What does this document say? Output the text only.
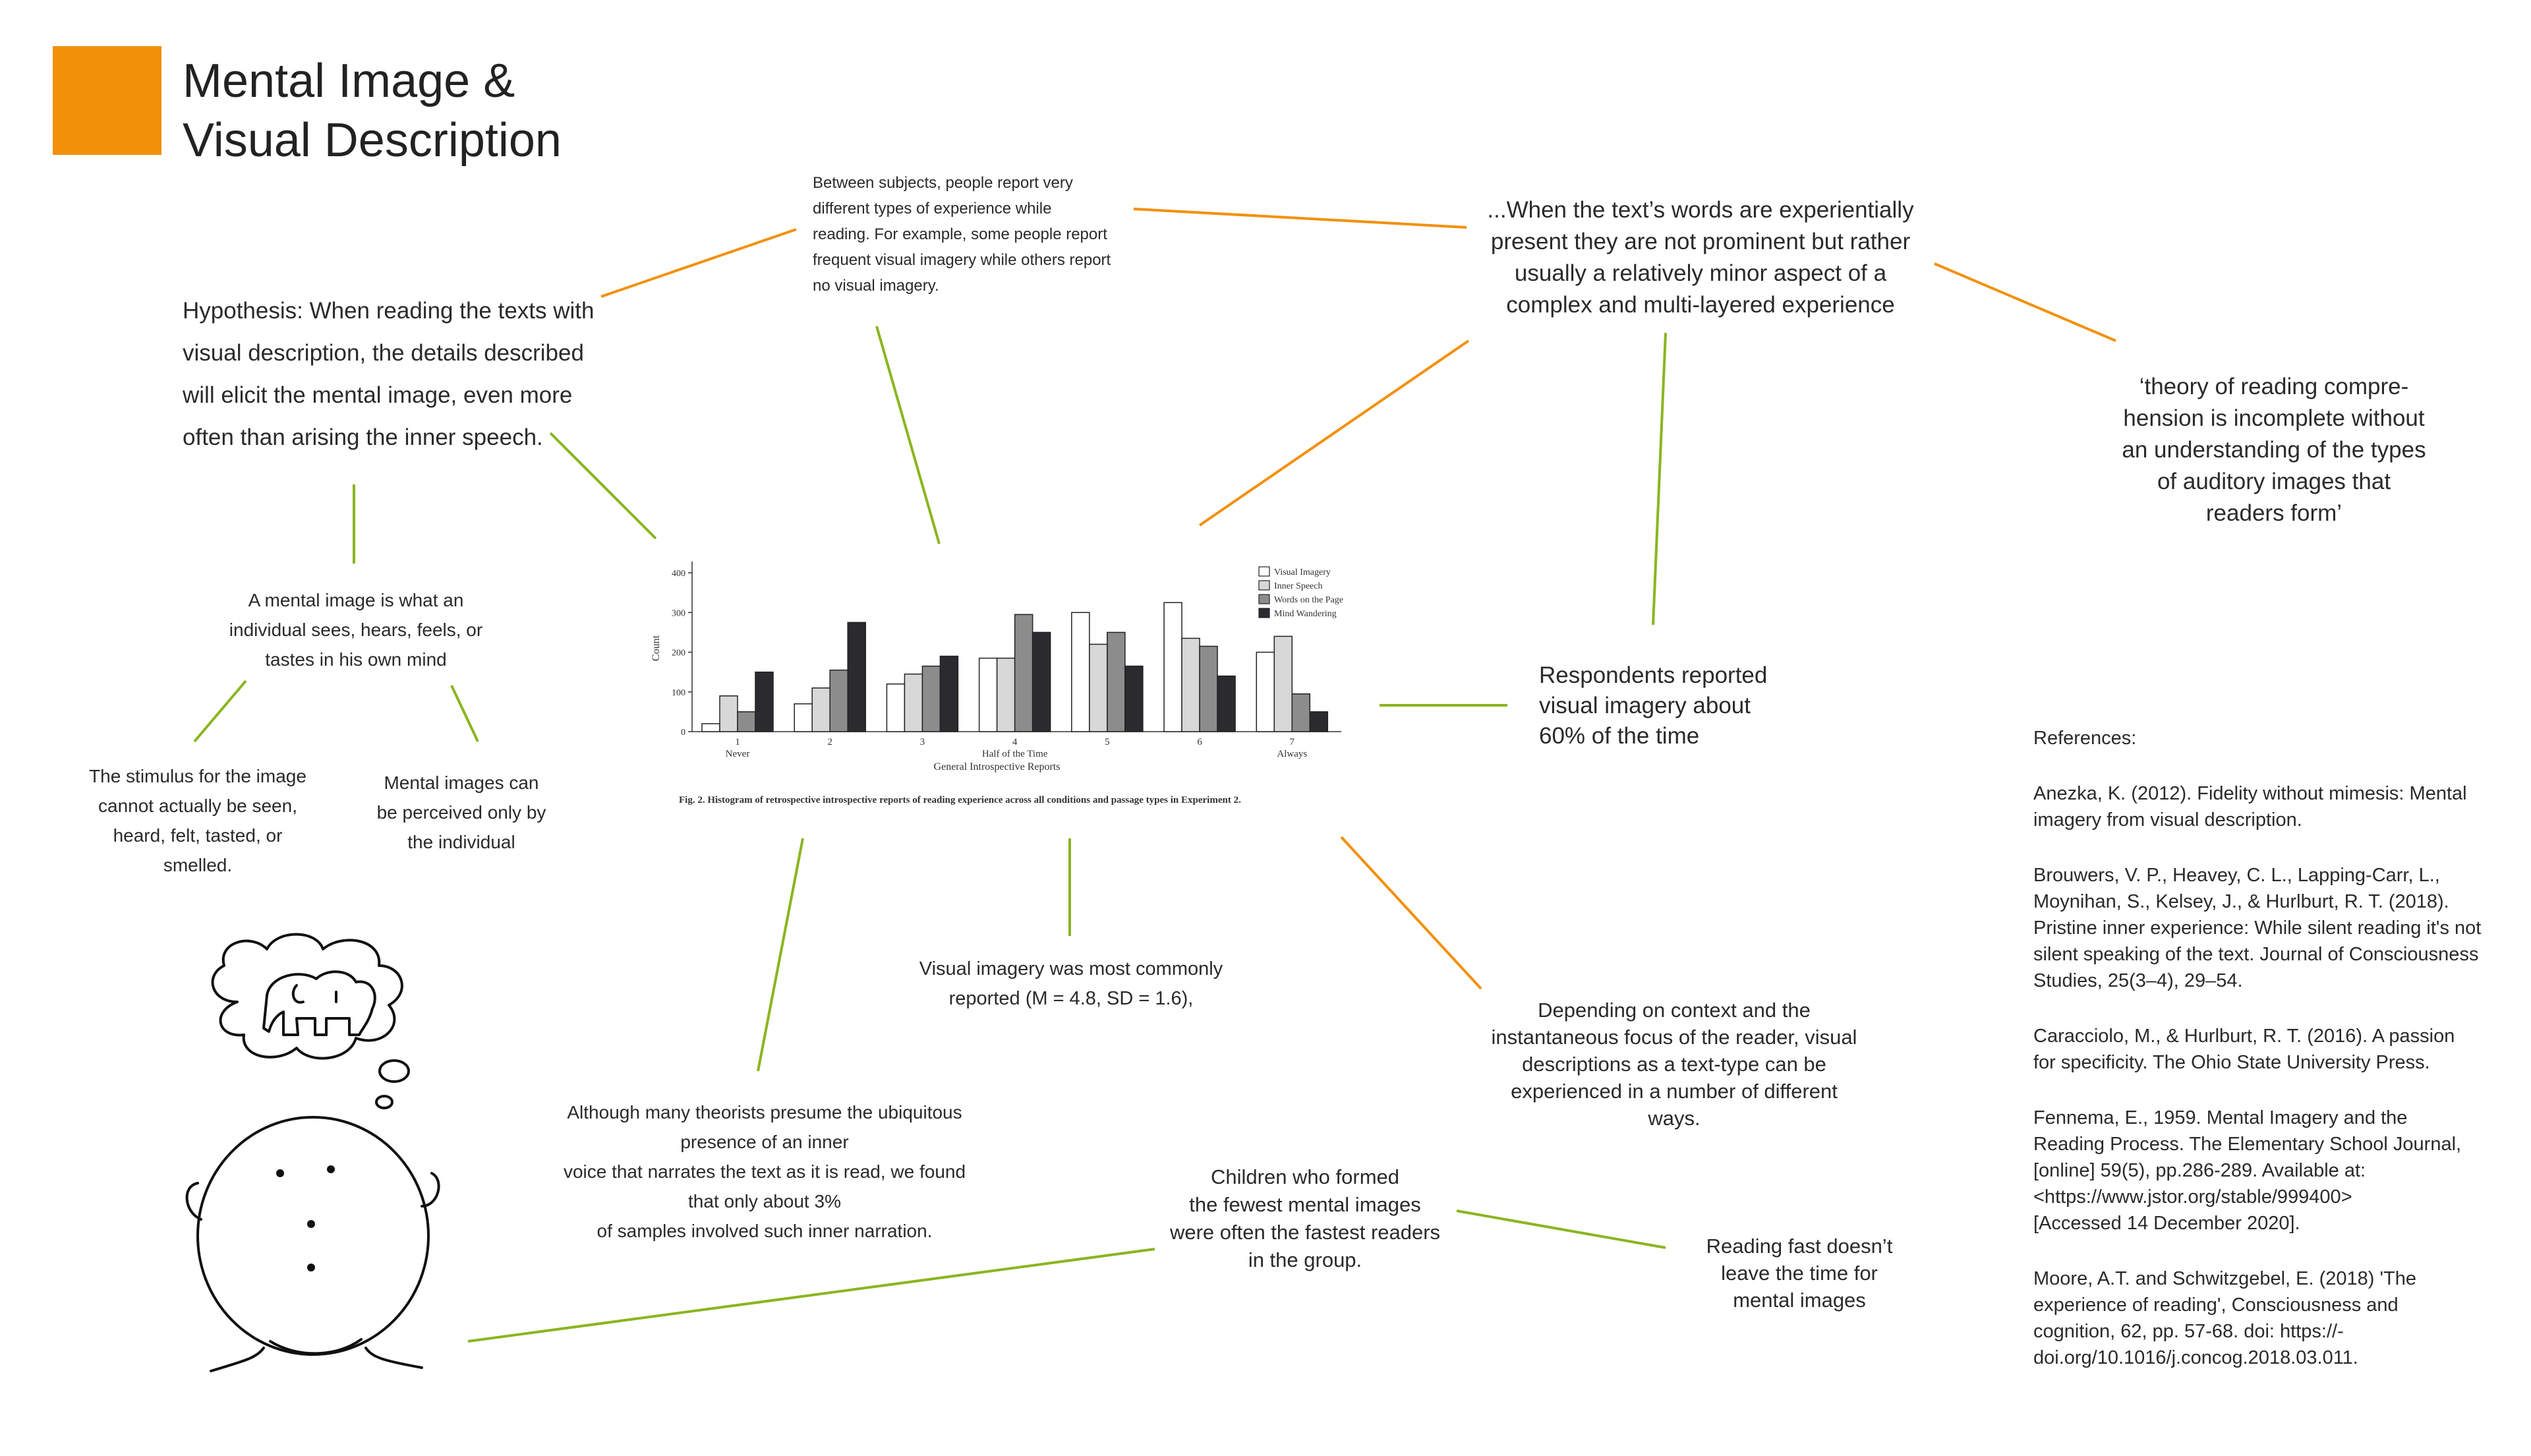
Mental Image &
Visual Description
Hypothesis: When reading the texts with
visual description, the details described
will elicit the mental image, even more
often than arising the inner speech.
Between subjects, people report very
different types of experience while
reading. For example, some people report
frequent visual imagery while others report
no visual imagery.
...When the text’s words are experientially
present they are not prominent but rather
usually a relatively minor aspect of a
complex and multi-layered experience
‘theory of reading compre-
hension is incomplete without
an understanding of the types
of auditory images that
readers form’
A mental image is what an
individual sees, hears, feels, or
tastes in his own mind
The stimulus for the image
cannot actually be seen,
heard, felt, tasted, or
smelled.
Mental images can
be perceived only by
the individual
0
100
200
300
400
Count
1
Never
2	3	4
Half of the Time
5	6	7
Always
General Introspective Reports
Fig. 2. Histogram of retrospective introspective reports of reading experience across all conditions and passage types in Experiment 2.
Visual Imagery
Inner Speech
Words on the Page
Mind Wandering
Respondents reported
visual imagery about
60% of the time
Visual imagery was most commonly
reported (M = 4.8, SD = 1.6),	Depending on context and the
instantaneous focus of the reader, visual
descriptions as a text-type can be
experienced in a number of different
ways.
Although many theorists presume the ubiquitous
presence of an inner
voice that narrates the text as it is read, we found
that only about 3%
of samples involved such inner narration.
Children who formed
the fewest mental images
were often the fastest readers
in the group.
Reading fast doesn’t
leave the time for
mental images
References:
Anezka, K. (2012). Fidelity without mimesis: Mental
imagery from visual description.
Brouwers, V. P., Heavey, C. L., Lapping-Carr, L.,
Moynihan, S., Kelsey, J., & Hurlburt, R. T. (2018).
Pristine inner experience: While silent reading it's not
silent speaking of the text. Journal of Consciousness
Studies, 25(3–4), 29–54.
Caracciolo, M., & Hurlburt, R. T. (2016). A passion
for specificity. The Ohio State University Press.
Fennema, E., 1959. Mental Imagery and the
Reading Process. The Elementary School Journal,
[online] 59(5), pp.286-289. Available at:
<https://www.jstor.org/stable/999400>
[Accessed 14 December 2020].
Moore, A.T. and Schwitzgebel, E. (2018) 'The
experience of reading', Consciousness and
cognition, 62, pp. 57-68. doi: https://-
doi.org/10.1016/j.concog.2018.03.011.
